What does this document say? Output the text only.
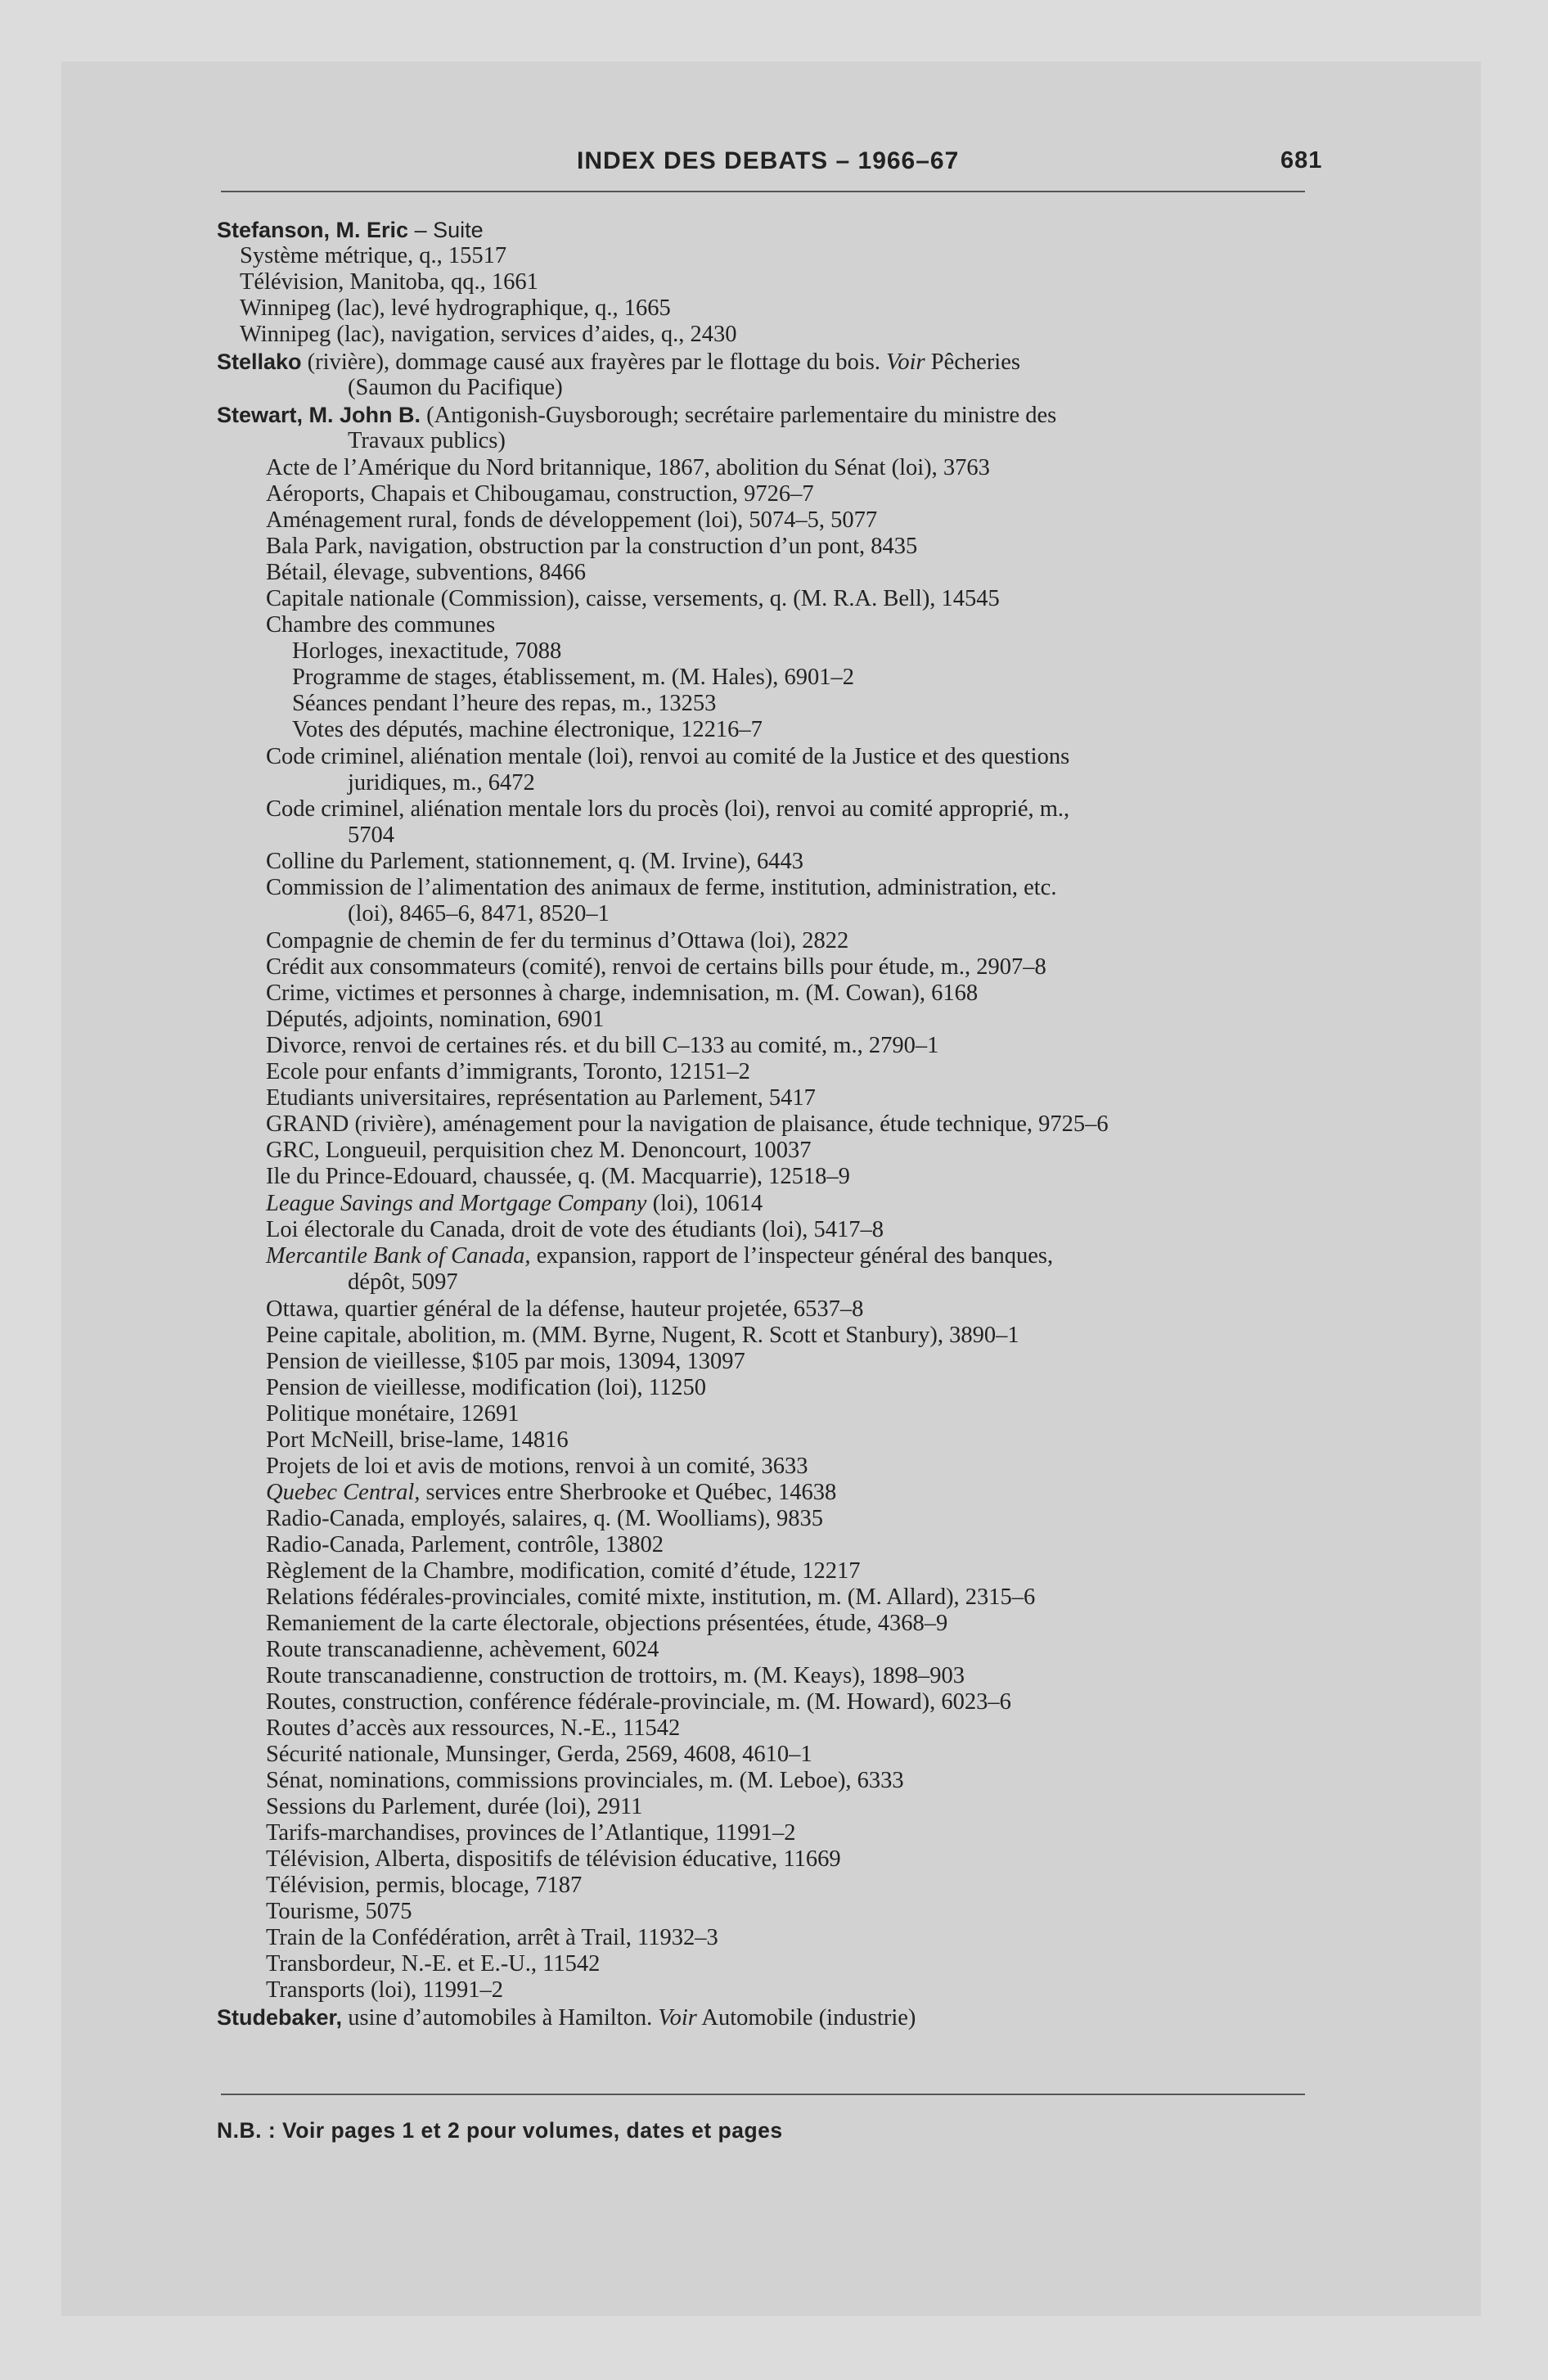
INDEX DES DEBATS – 1966–67	681
Stefanson, M. Eric – Suite
Système métrique, q., 15517
Télévision, Manitoba, qq., 1661
Winnipeg (lac), levé hydrographique, q., 1665
Winnipeg (lac), navigation, services d’aides, q., 2430
Stellako (rivière), dommage causé aux frayères par le flottage du bois. Voir Pêcheries
(Saumon du Pacifique)
Stewart, M. John B. (Antigonish-Guysborough; secrétaire parlementaire du ministre des
Travaux publics)
Acte de l’Amérique du Nord britannique, 1867, abolition du Sénat (loi), 3763
Aéroports, Chapais et Chibougamau, construction, 9726–7
Aménagement rural, fonds de développement (loi), 5074–5, 5077
Bala Park, navigation, obstruction par la construction d’un pont, 8435
Bétail, élevage, subventions, 8466
Capitale nationale (Commission), caisse, versements, q. (M. R.A. Bell), 14545
Chambre des communes
Horloges, inexactitude, 7088
Programme de stages, établissement, m. (M. Hales), 6901–2
Séances pendant l’heure des repas, m., 13253
Votes des députés, machine électronique, 12216–7
Code criminel, aliénation mentale (loi), renvoi au comité de la Justice et des questions
juridiques, m., 6472
Code criminel, aliénation mentale lors du procès (loi), renvoi au comité approprié, m.,
5704
Colline du Parlement, stationnement, q. (M. Irvine), 6443
Commission de l’alimentation des animaux de ferme, institution, administration, etc.
(loi), 8465–6, 8471, 8520–1
Compagnie de chemin de fer du terminus d’Ottawa (loi), 2822
Crédit aux consommateurs (comité), renvoi de certains bills pour étude, m., 2907–8
Crime, victimes et personnes à charge, indemnisation, m. (M. Cowan), 6168
Députés, adjoints, nomination, 6901
Divorce, renvoi de certaines rés. et du bill C–133 au comité, m., 2790–1
Ecole pour enfants d’immigrants, Toronto, 12151–2
Etudiants universitaires, représentation au Parlement, 5417
GRAND (rivière), aménagement pour la navigation de plaisance, étude technique, 9725–6
GRC, Longueuil, perquisition chez M. Denoncourt, 10037
Ile du Prince-Edouard, chaussée, q. (M. Macquarrie), 12518–9
League Savings and Mortgage Company (loi), 10614
Loi électorale du Canada, droit de vote des étudiants (loi), 5417–8
Mercantile Bank of Canada, expansion, rapport de l’inspecteur général des banques,
dépôt, 5097
Ottawa, quartier général de la défense, hauteur projetée, 6537–8
Peine capitale, abolition, m. (MM. Byrne, Nugent, R. Scott et Stanbury), 3890–1
Pension de vieillesse, $105 par mois, 13094, 13097
Pension de vieillesse, modification (loi), 11250
Politique monétaire, 12691
Port McNeill, brise-lame, 14816
Projets de loi et avis de motions, renvoi à un comité, 3633
Quebec Central, services entre Sherbrooke et Québec, 14638
Radio-Canada, employés, salaires, q. (M. Woolliams), 9835
Radio-Canada, Parlement, contrôle, 13802
Règlement de la Chambre, modification, comité d’étude, 12217
Relations fédérales-provinciales, comité mixte, institution, m. (M. Allard), 2315–6
Remaniement de la carte électorale, objections présentées, étude, 4368–9
Route transcanadienne, achèvement, 6024
Route transcanadienne, construction de trottoirs, m. (M. Keays), 1898–903
Routes, construction, conférence fédérale-provinciale, m. (M. Howard), 6023–6
Routes d’accès aux ressources, N.-E., 11542
Sécurité nationale, Munsinger, Gerda, 2569, 4608, 4610–1
Sénat, nominations, commissions provinciales, m. (M. Leboe), 6333
Sessions du Parlement, durée (loi), 2911
Tarifs-marchandises, provinces de l’Atlantique, 11991–2
Télévision, Alberta, dispositifs de télévision éducative, 11669
Télévision, permis, blocage, 7187
Tourisme, 5075
Train de la Confédération, arrêt à Trail, 11932–3
Transbordeur, N.-E. et E.-U., 11542
Transports (loi), 11991–2
Studebaker, usine d’automobiles à Hamilton. Voir Automobile (industrie)
N.B. : Voir pages 1 et 2 pour volumes, dates et pages
